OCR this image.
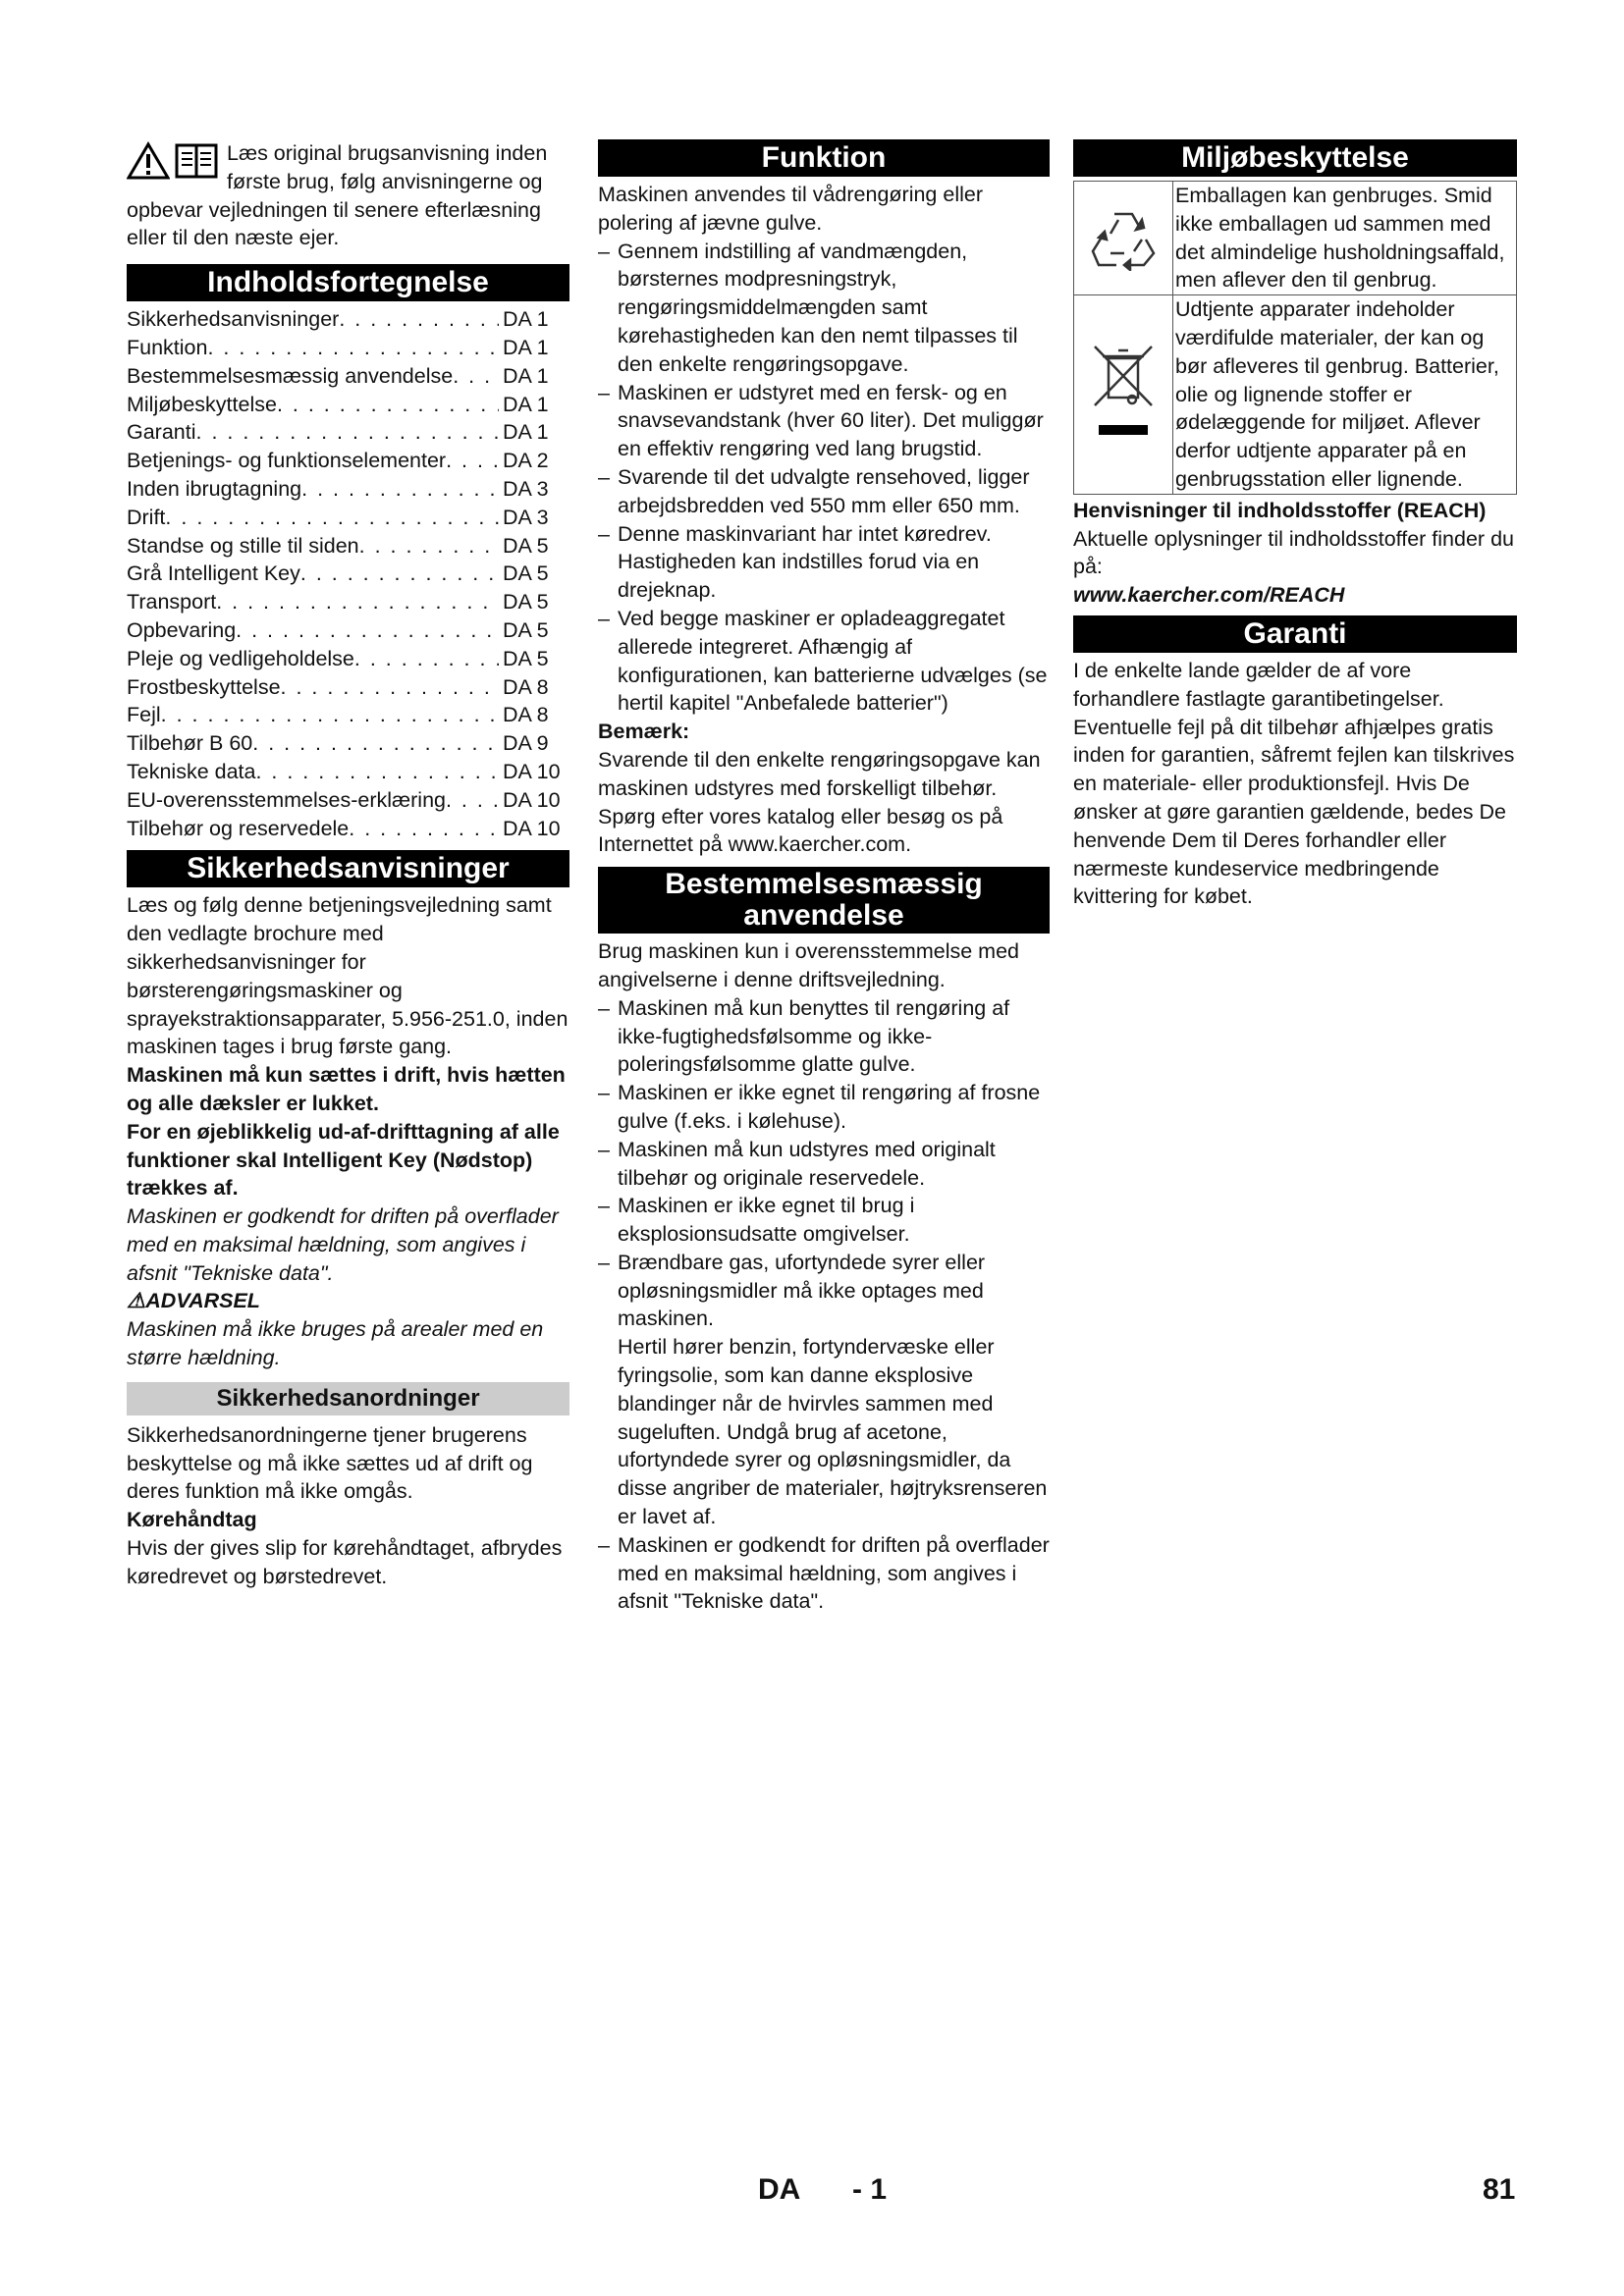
Læs original brugsanvisning inden første brug, følg anvisningerne og opbevar vejledningen til senere efterlæsning eller til den næste ejer.
Indholdsfortegnelse
Sikkerhedsanvisninger . . .	DA 1
Funktion . . .	DA 1
Bestemmelsesmæssig anvendelse . . . DA 1
Miljøbeskyttelse . . .	DA 1
Garanti . . .	DA 1
Betjenings- og funktionselementer . . .	DA 2
Inden ibrugtagning . . .	DA 3
Drift . . .	DA 3
Standse og stille til siden . . .	DA 5
Grå Intelligent Key . . .	DA 5
Transport . . .	DA 5
Opbevaring . . .	DA 5
Pleje og vedligeholdelse . . .	DA 5
Frostbeskyttelse . . .	DA 8
Fejl . . .	DA 8
Tilbehør B 60 . . .	DA 9
Tekniske data . . .	DA 10
EU-overensstemmelses-erklæring . . .	DA 10
Tilbehør og reservedele . . .	DA 10
Sikkerhedsanvisninger

Læs og følg denne betjeningsvejledning samt den vedlagte brochure med sikkerhedsanvisninger for børsterengøringsmaskiner og sprayekstraktionsapparater, 5.956-251.0, inden maskinen tages i brug første gang.

Maskinen må kun sættes i drift, hvis hætten og alle dæksler er lukket.

For en øjeblikkelig ud-af-drifttagning af alle funktioner skal Intelligent Key (Nødstop) trækkes af.

Maskinen er godkendt for driften på overflader med en maksimal hældning, som angives i afsnit "Tekniske data".

⚠ADVARSEL

Maskinen må ikke bruges på arealer med en større hældning.

Sikkerhedsanordninger

Sikkerhedsanordningerne tjener brugerens beskyttelse og må ikke sættes ud af drift og deres funktion må ikke omgås.

Kørehåndtag

Hvis der gives slip for kørehåndtaget, afbrydes køredrevet og børstedrevet.

Funktion

Maskinen anvendes til vådrengøring eller polering af jævne gulve.

– Gennem indstilling af vandmængden, børsternes modpresningstryk, rengøringsmiddelmængden samt kørehastigheden kan den nemt tilpasses til den enkelte rengøringsopgave.
– Maskinen er udstyret med en fersk- og en snavsevandstank (hver 60 liter). Det muliggør en effektiv rengøring ved lang brugstid.
– Svarende til det udvalgte rensehoved, ligger arbejdsbredden ved 550 mm eller 650 mm.
– Denne maskinvariant har intet køredrev. Hastigheden kan indstilles forud via en drejeknap.
– Ved begge maskiner er opladeaggregatet allerede integreret. Afhængig af konfigurationen, kan batterierne udvælges (se hertil kapitel "Anbefalede batterier")

Bemærk:

Svarende til den enkelte rengøringsopgave kan maskinen udstyres med forskelligt tilbehør.

Spørg efter vores katalog eller besøg os på Internettet på www.kaercher.com.

Bestemmelsesmæssig
anvendelse

Brug maskinen kun i overensstemmelse med angivelserne i denne driftsvejledning.

– Maskinen må kun benyttes til rengøring af ikke-fugtighedsfølsomme og ikke-poleringsfølsomme glatte gulve.
– Maskinen er ikke egnet til rengøring af frosne gulve (f.eks. i kølehuse).
– Maskinen må kun udstyres med originalt tilbehør og originale reservedele.
– Maskinen er ikke egnet til brug i eksplosionsudsatte omgivelser.
– Brændbare gas, ufortyndede syrer eller opløsningsmidler må ikke optages med maskinen.
Hertil hører benzin, fortyndervæske eller fyringsolie, som kan danne eksplosive blandinger når de hvirvles sammen med sugeluften. Undgå brug af acetone, ufortyndede syrer og opløsningsmidler, da disse angriber de materialer, højtryksrenseren er lavet af.
– Maskinen er godkendt for driften på overflader med en maksimal hældning, som angives i afsnit "Tekniske data".
Miljøbeskyttelse
Emballagen kan genbruges. Smid ikke emballagen ud sammen med det almindelige husholdningsaffald, men aflever den til genbrug.
Udtjente apparater indeholder værdifulde materialer, der kan og bør afleveres til genbrug. Batterier, olie og lignende stoffer er ødelæggende for miljøet. Aflever derfor udtjente apparater på en genbrugsstation eller lignende.

Henvisninger til indholdsstoffer (REACH)

Aktuelle oplysninger til indholdsstoffer finder du på:

www.kaercher.com/REACH

Garanti

I de enkelte lande gælder de af vore forhandlere fastlagte garantibetingelser. Eventuelle fejl på dit tilbehør afhjælpes gratis inden for garantien, såfremt fejlen kan tilskrives en materiale- eller produktionsfejl. Hvis De ønsker at gøre garantien gældende, bedes De henvende Dem til Deres forhandler eller nærmeste kundeservice medbringende kvittering for købet.

DA - 1	81
